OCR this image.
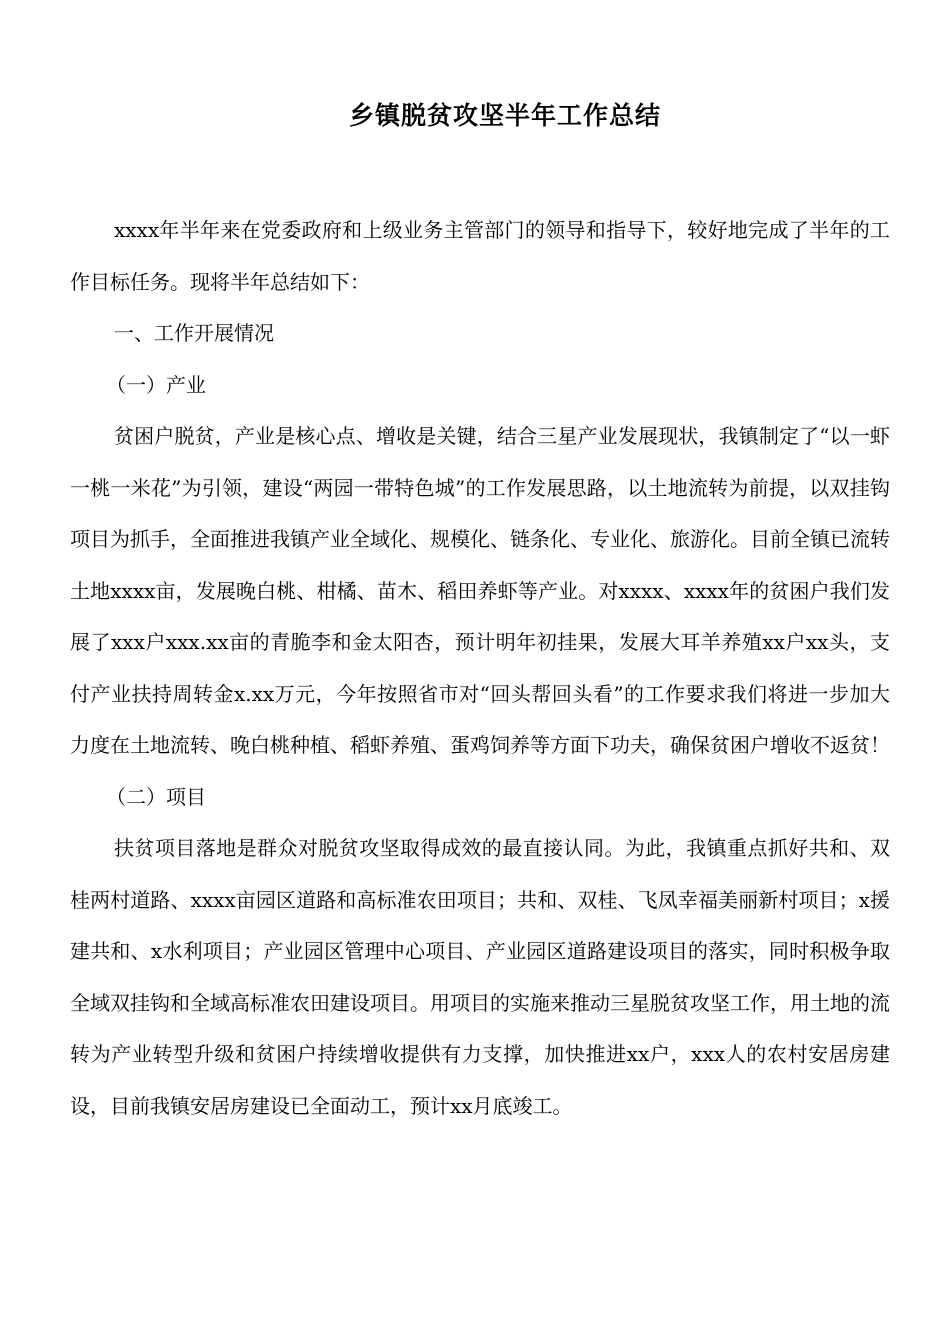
乡镇脱贫攻坚半年工作总结

xxxx年半年来在党委政府和上级业务主管部门的领导和指导下，较好地完成了半年的工作目标任务。现将半年总结如下：

一、工作开展情况

（一）产业

贫困户脱贫，产业是核心点、增收是关键，结合三星产业发展现状，我镇制定了“以一虾一桃一米花”为引领，建设“两园一带特色城”的工作发展思路，以土地流转为前提，以双挂钩项目为抓手，全面推进我镇产业全域化、规模化、链条化、专业化、旅游化。目前全镇已流转土地xxxx亩，发展晚白桃、柑橘、苗木、稻田养虾等产业。对xxxx、xxxx年的贫困户我们发展了xxx户xxx.xx亩的青脆李和金太阳杏，预计明年初挂果，发展大耳羊养殖xx户xx头，支付产业扶持周转金x.xx万元，今年按照省市对“回头帮回头看”的工作要求我们将进一步加大力度在土地流转、晚白桃种植、稻虾养殖、蛋鸡饲养等方面下功夫，确保贫困户增收不返贫！

（二）项目

扶贫项目落地是群众对脱贫攻坚取得成效的最直接认同。为此，我镇重点抓好共和、双桂两村道路、xxxx亩园区道路和高标准农田项目；共和、双桂、飞凤幸福美丽新村项目；x援建共和、x水利项目；产业园区管理中心项目、产业园区道路建设项目的落实，同时积极争取全域双挂钩和全域高标准农田建设项目。用项目的实施来推动三星脱贫攻坚工作，用土地的流转为产业转型升级和贫困户持续增收提供有力支撑，加快推进xx户，xxx人的农村安居房建设，目前我镇安居房建设已全面动工，预计xx月底竣工。
